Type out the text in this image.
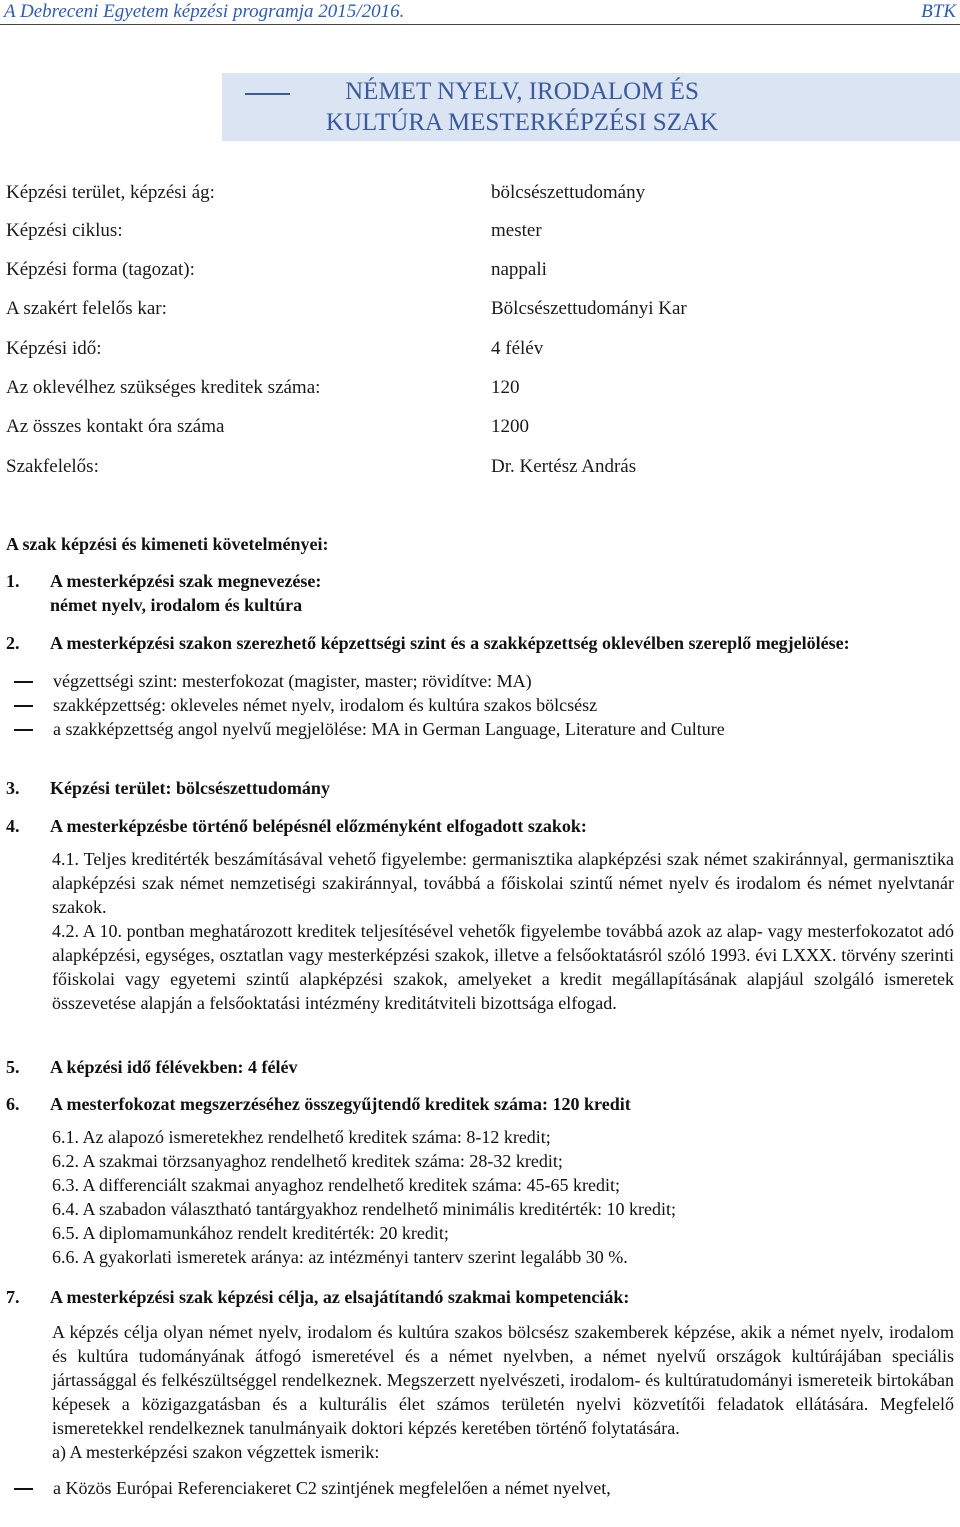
A Debreceni Egyetem képzési programja 2015/2016.	BTK
NÉMET NYELV, IRODALOM ÉS
KULTÚRA MESTERKÉPZÉSI SZAK
Képzési terület, képzési ág:	bölcsészettudomány
Képzési ciklus:	mester
Képzési forma (tagozat):	nappali
A szakért felelős kar:	Bölcsészettudományi Kar
Képzési idő:	4 félév
Az oklevélhez szükséges kreditek száma:	120
Az összes kontakt óra száma	1200
Szakfelelős:	Dr. Kertész András
A szak képzési és kimeneti követelményei:
1. A mesterképzési szak megnevezése:
német nyelv, irodalom és kultúra
2. A mesterképzési szakon szerezhető képzettségi szint és a szakképzettség oklevélben szereplő megjelölése:
végzettségi szint: mesterfokozat (magister, master; rövidítve: MA)
szakképzettség: okleveles német nyelv, irodalom és kultúra szakos bölcsész
a szakképzettség angol nyelvű megjelölése: MA in German Language, Literature and Culture
3. Képzési terület: bölcsészettudomány
4. A mesterképzésbe történő belépésnél előzményként elfogadott szakok:
4.1. Teljes kreditérték beszámításával vehető figyelembe: germanisztika alapképzési szak német szakiránnyal, germanisztika alapképzési szak német nemzetiségi szakiránnyal, továbbá a főiskolai szintű német nyelv és irodalom és német nyelvtanár szakok.
4.2. A 10. pontban meghatározott kreditek teljesítésével vehetők figyelembe továbbá azok az alap- vagy mesterfokozatot adó alapképzési, egységes, osztatlan vagy mesterképzési szakok, illetve a felsőoktatásról szóló 1993. évi LXXX. törvény szerinti főiskolai vagy egyetemi szintű alapképzési szakok, amelyeket a kredit megállapításának alapjául szolgáló ismeretek összevetése alapján a felsőoktatási intézmény kreditátviteli bizottsága elfogad.
5. A képzési idő félévekben: 4 félév
6. A mesterfokozat megszerzéséhez összegyűjtendő kreditek száma: 120 kredit
6.1. Az alapozó ismeretekhez rendelhető kreditek száma: 8-12 kredit;
6.2. A szakmai törzsanyaghoz rendelhető kreditek száma: 28-32 kredit;
6.3. A differenciált szakmai anyaghoz rendelhető kreditek száma: 45-65 kredit;
6.4. A szabadon választható tantárgyakhoz rendelhető minimális kreditérték: 10 kredit;
6.5. A diplomamunkához rendelt kreditérték: 20 kredit;
6.6. A gyakorlati ismeretek aránya: az intézményi tanterv szerint legalább 30 %.
7. A mesterképzési szak képzési célja, az elsajátítandó szakmai kompetenciák:
A képzés célja olyan német nyelv, irodalom és kultúra szakos bölcsész szakemberek képzése, akik a német nyelv, irodalom és kultúra tudományának átfogó ismeretével és a német nyelvben, a német nyelvű országok kultúrájában speciális jártassággal és felkészültséggel rendelkeznek. Megszerzett nyelvészeti, irodalom- és kultúratudományi ismereteik birtokában képesek a közigazgatásban és a kulturális élet számos területén nyelvi közvetítői feladatok ellátására. Megfelelő ismeretekkel rendelkeznek tanulmányaik doktori képzés keretében történő folytatására.
a) A mesterképzési szakon végzettek ismerik:
a Közös Európai Referenciakeret C2 szintjének megfelelően a német nyelvet,
